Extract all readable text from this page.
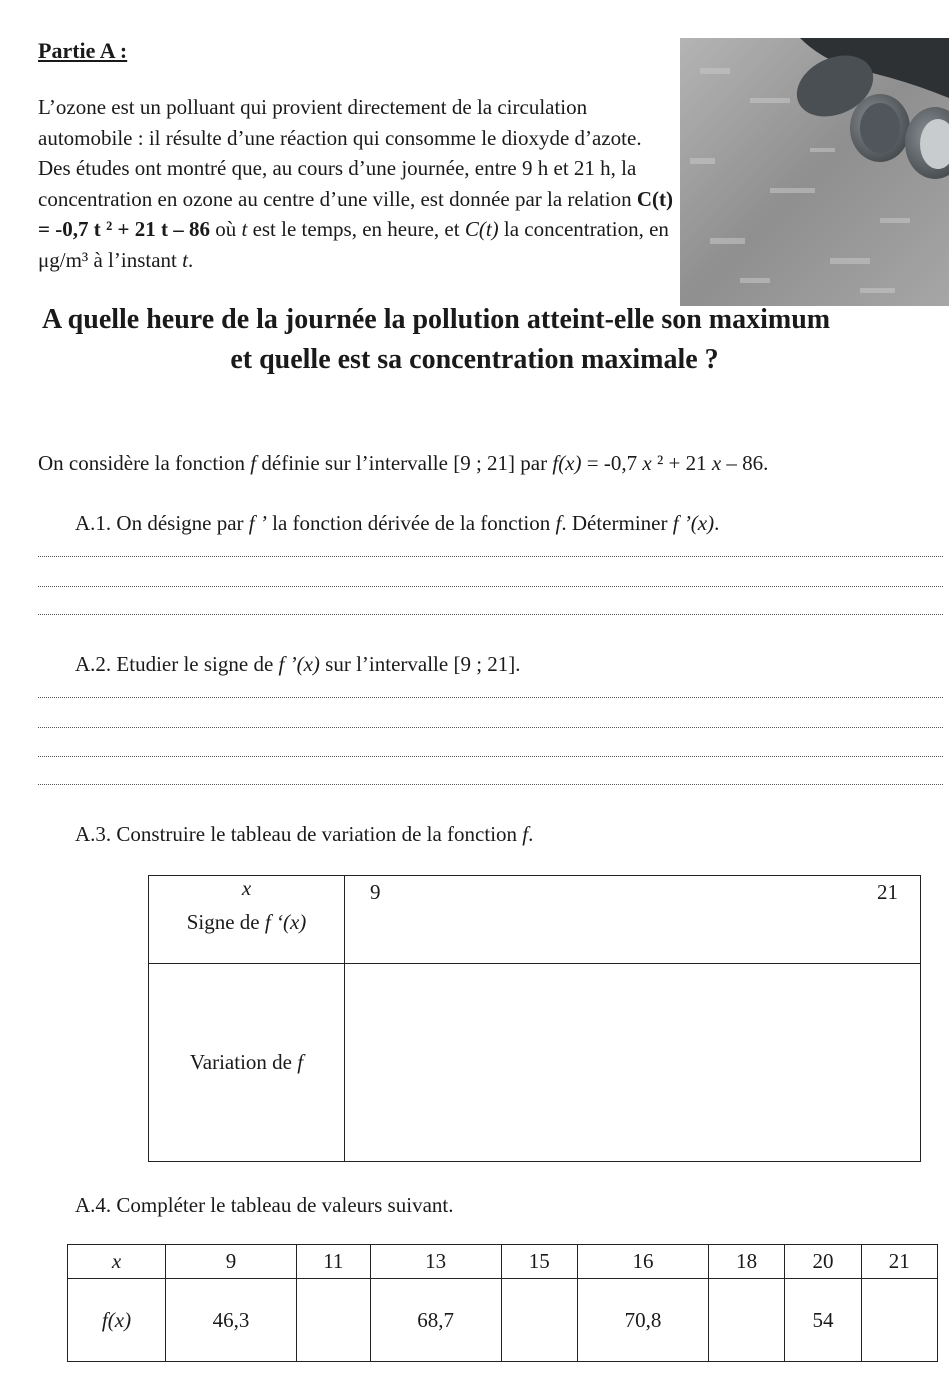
Partie A :

L’ozone est un polluant qui provient directement de la circulation automobile : il résulte d’une réaction qui consomme le dioxyde d’azote.

Des études ont montré que, au cours d’une journée, entre 9 h et 21 h, la concentration en ozone au centre d’une ville, est donnée par la relation C(t) = -0,7 t ² + 21 t – 86 où t est le temps, en heure, et C(t) la concentration, en μg/m³ à l’instant t.

A quelle heure de la journée la pollution atteint-elle son maximum
et quelle est sa concentration maximale ?
On considère la fonction f définie sur l’intervalle [9 ; 21] par f(x) = -0,7 x ² + 21 x – 86.
A.1. On désigne par f ’ la fonction dérivée de la fonction f. Déterminer f ’(x).
A.2. Etudier le signe de f ’(x) sur l’intervalle [9 ; 21].
A.3. Construire le tableau de variation de la fonction f.
x	9 21

Signe de f ‘(x)	
Variation de f	
A.4. Compléter le tableau de valeurs suivant.
x	9	11	13	15	16	18	20	21
f(x)	46,3		68,7		70,8		54	
